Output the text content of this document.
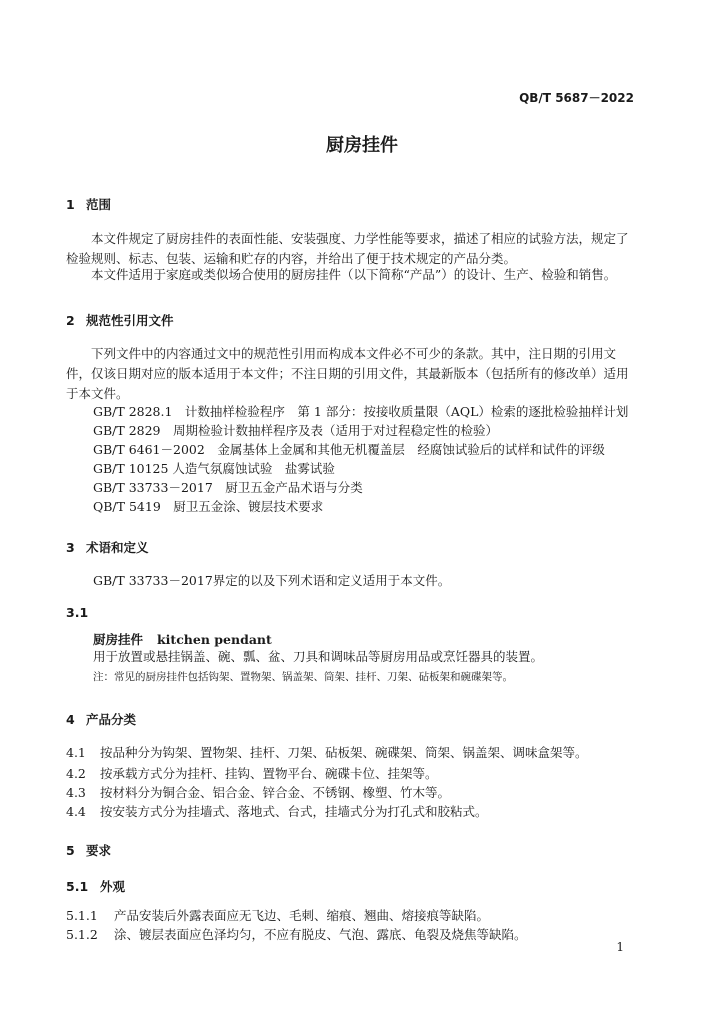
QB/T 5687－2022
厨房挂件
1 范围
本文件规定了厨房挂件的表面性能、安装强度、力学性能等要求，描述了相应的试验方法，规定了检验规则、标志、包装、运输和贮存的内容，并给出了便于技术规定的产品分类。
本文件适用于家庭或类似场合使用的厨房挂件（以下简称“产品”）的设计、生产、检验和销售。
2 规范性引用文件
下列文件中的内容通过文中的规范性引用而构成本文件必不可少的条款。其中，注日期的引用文件，仅该日期对应的版本适用于本文件；不注日期的引用文件，其最新版本（包括所有的修改单）适用于本文件。
GB/T 2828.1　计数抽样检验程序　第 1 部分：按接收质量限（AQL）检索的逐批检验抽样计划
GB/T 2829　周期检验计数抽样程序及表（适用于对过程稳定性的检验）
GB/T 6461－2002　金属基体上金属和其他无机覆盖层　经腐蚀试验后的试样和试件的评级
GB/T 10125 人造气氛腐蚀试验　盐雾试验
GB/T 33733－2017　厨卫五金产品术语与分类
QB/T 5419　厨卫五金涂、镀层技术要求
3 术语和定义
GB/T 33733－2017界定的以及下列术语和定义适用于本文件。
3.1
厨房挂件 kitchen pendant
用于放置或悬挂锅盖、碗、瓢、盆、刀具和调味品等厨房用品或烹饪器具的装置。
注：常见的厨房挂件包括钩架、置物架、锅盖架、筒架、挂杆、刀架、砧板架和碗碟架等。
4 产品分类
4.1 按品种分为钩架、置物架、挂杆、刀架、砧板架、碗碟架、筒架、锅盖架、调味盒架等。
4.2 按承载方式分为挂杆、挂钩、置物平台、碗碟卡位、挂架等。
4.3 按材料分为铜合金、铝合金、锌合金、不锈钢、橡塑、竹木等。
4.4 按安装方式分为挂墙式、落地式、台式，挂墙式分为打孔式和胶粘式。
5 要求
5.1 外观
5.1.1 产品安装后外露表面应无飞边、毛刺、缩痕、翘曲、熔接痕等缺陷。
5.1.2 涂、镀层表面应色泽均匀，不应有脱皮、气泡、露底、龟裂及烧焦等缺陷。
1
